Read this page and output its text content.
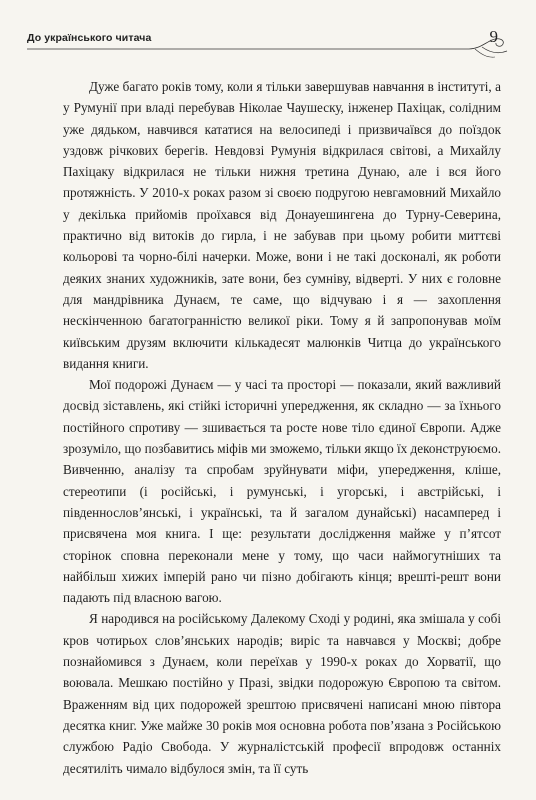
До українського читача	9

Дуже багато років тому, коли я тільки завершував навчання в інституті, а у Румунії при владі перебував Ніколае Чаушеску, інженер Пахіцак, солідним уже дядьком, навчився кататися на велосипеді і призвичаївся до поїздок уздовж річкових берегів. Невдовзі Румунія відкрилася світові, а Михайлу Пахіцаку відкрилася не тільки нижня третина Дунаю, але і вся його протяжність. У 2010-х роках разом зі своєю подругою невгамовний Михайло у декілька прийомів проїхався від Донауешингена до Турну-Северина, практично від витоків до гирла, і не забував при цьому робити миттєві кольорові та чорно-білі начерки. Може, вони і не такі досконалі, як роботи деяких знаних художників, зате вони, без сумніву, відверті. У них є головне для мандрівника Дунаєм, те саме, що відчуваю і я — захоплення нескінченною багатогранністю великої ріки. Тому я й запропонував моїм київським друзям включити кількадесят малюнків Читца до українського видання книги.

Мої подорожі Дунаєм — у часі та просторі — показали, який важливий досвід зіставлень, які стійкі історичні упередження, як складно — за їхнього постійного спротиву — зшивається та росте нове тіло єдиної Європи. Адже зрозуміло, що позбавитись міфів ми зможемо, тільки якщо їх деконструюємо. Вивченню, аналізу та спробам зруйнувати міфи, упередження, кліше, стереотипи (і російські, і румунські, і угорські, і австрійські, і південнослов’янські, і українські, та й загалом дунайські) насамперед і присвячена моя книга. І ще: результати дослідження майже у п’ятсот сторінок сповна переконали мене у тому, що часи наймогутніших та найбільш хижих імперій рано чи пізно добігають кінця; врешті-решт вони падають під власною вагою.

Я народився на російському Далекому Сході у родині, яка змішала у собі кров чотирьох слов’янських народів; виріс та навчався у Москві; добре познайомився з Дунаєм, коли переїхав у 1990-х роках до Хорватії, що воювала. Мешкаю постійно у Празі, звідки подорожую Європою та світом. Враженням від цих подорожей зрештою присвячені написані мною півтора десятка книг. Уже майже 30 років моя основна робота пов’язана з Російською службою Радіо Свобода. У журналістській професії впродовж останніх десятиліть чимало відбулося змін, та її суть
